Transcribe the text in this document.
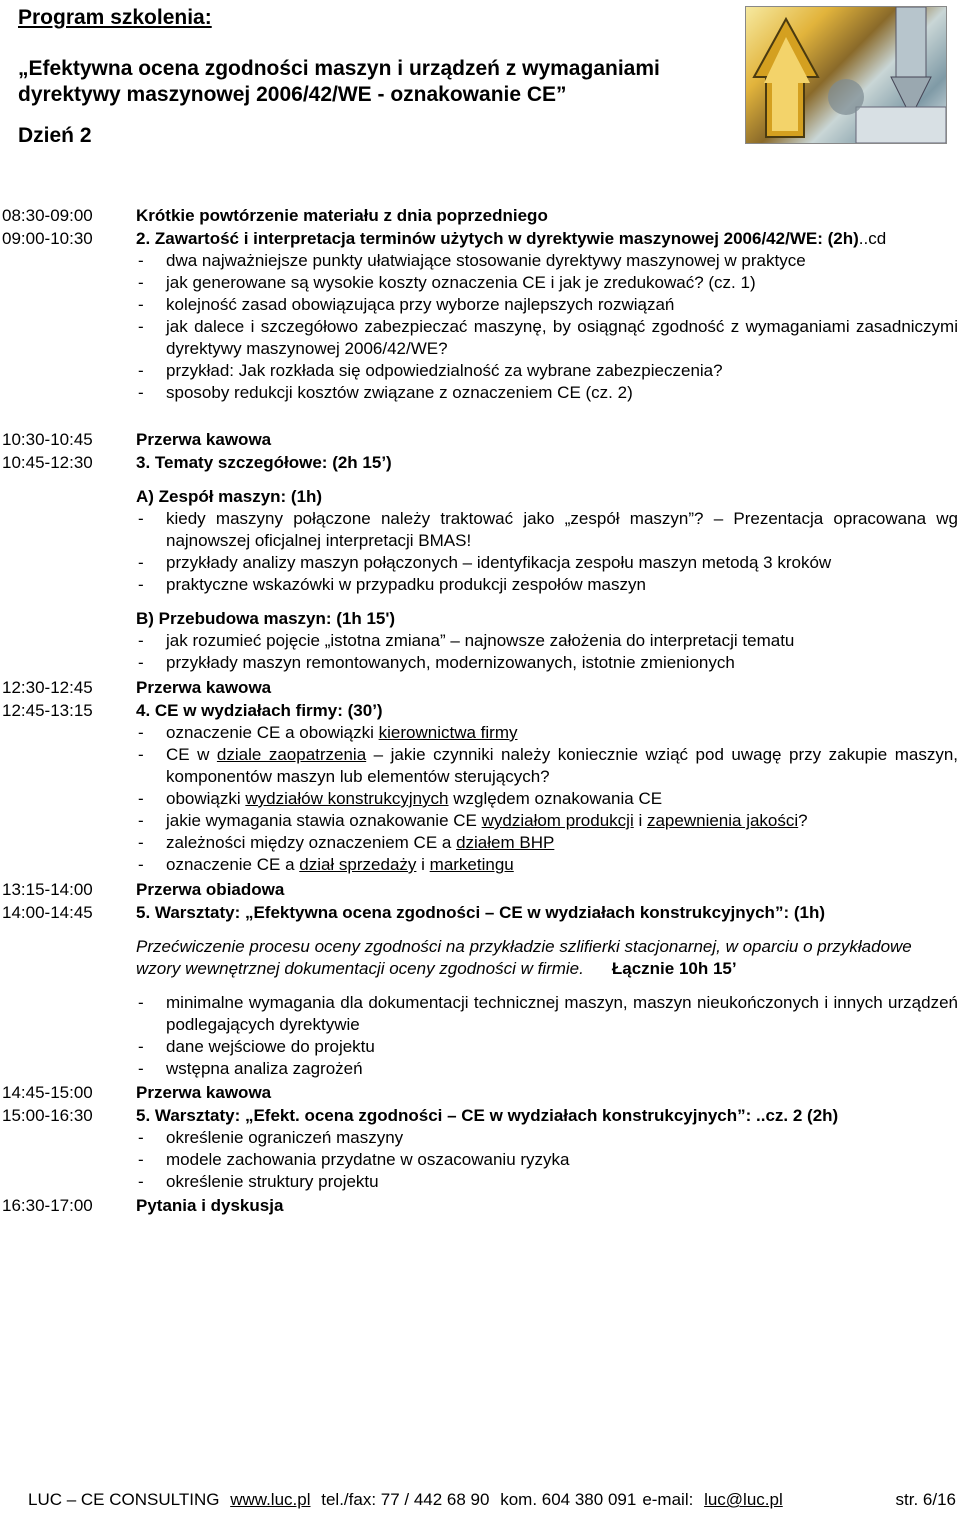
Program szkolenia:
„Efektywna ocena zgodności maszyn i urządzeń z wymaganiami dyrektywy maszynowej 2006/42/WE - oznakowanie CE”
Dzień 2
08:30-09:00	Krótkie powtórzenie materiału z dnia poprzedniego
09:00-10:30	2. Zawartość i interpretacja terminów użytych w dyrektywie maszynowej 2006/42/WE: (2h)..cd
- dwa najważniejsze punkty ułatwiające stosowanie dyrektywy maszynowej w praktyce
- jak generowane są wysokie koszty oznaczenia CE i jak je zredukować? (cz. 1)
- kolejność zasad obowiązująca przy wyborze najlepszych rozwiązań
- jak dalece i szczegółowo zabezpieczać maszynę, by osiągnąć zgodność z wymaganiami zasadniczymi dyrektywy maszynowej 2006/42/WE?
- przykład: Jak rozkłada się odpowiedzialność za wybrane zabezpieczenia?
- sposoby redukcji kosztów związane z oznaczeniem CE (cz. 2)
10:30-10:45	Przerwa kawowa
10:45-12:30	3. Tematy szczegółowe: (2h 15’)
A) Zespół maszyn: (1h)
- kiedy maszyny połączone należy traktować jako „zespół maszyn”? – Prezentacja opracowana wg najnowszej oficjalnej interpretacji BMAS!
- przykłady analizy maszyn połączonych – identyfikacja zespołu maszyn metodą 3 kroków
- praktyczne wskazówki w przypadku produkcji zespołów maszyn
B) Przebudowa maszyn: (1h 15')
- jak rozumieć pojęcie „istotna zmiana” – najnowsze założenia do interpretacji tematu
- przykłady maszyn remontowanych, modernizowanych, istotnie zmienionych
12:30-12:45	Przerwa kawowa
12:45-13:15	4. CE w wydziałach firmy: (30’)
- oznaczenie CE a obowiązki kierownictwa firmy
- CE w dziale zaopatrzenia – jakie czynniki należy koniecznie wziąć pod uwagę przy zakupie maszyn, komponentów maszyn lub elementów sterujących?
- obowiązki wydziałów konstrukcyjnych względem oznakowania CE
- jakie wymagania stawia oznakowanie CE wydziałom produkcji i zapewnienia jakości?
- zależności między oznaczeniem CE a działem BHP
- oznaczenie CE a dział sprzedaży i marketingu
13:15-14:00	Przerwa obiadowa
14:00-14:45	5. Warsztaty: „Efektywna ocena zgodności – CE w wydziałach konstrukcyjnych”: (1h)
Przećwiczenie procesu oceny zgodności na przykładzie szlifierki stacjonarnej, w oparciu o przykładowe wzory wewnętrznej dokumentacji oceny zgodności w firmie. Łącznie 10h 15’
- minimalne wymagania dla dokumentacji technicznej maszyn, maszyn nieukończonych i innych urządzeń podlegających dyrektywie
- dane wejściowe do projektu
- wstępna analiza zagrożeń
14:45-15:00	Przerwa kawowa
15:00-16:30	5. Warsztaty: „Efekt. ocena zgodności – CE w wydziałach konstrukcyjnych”: ..cz. 2 (2h)
- określenie ograniczeń maszyny
- modele zachowania przydatne w oszacowaniu ryzyka
- określenie struktury projektu
16:30-17:00	Pytania i dyskusja
LUC – CE CONSULTING www.luc.pl tel./fax: 77 / 442 68 90 kom. 604 380 091 e-mail: luc@luc.pl	str. 6/16
